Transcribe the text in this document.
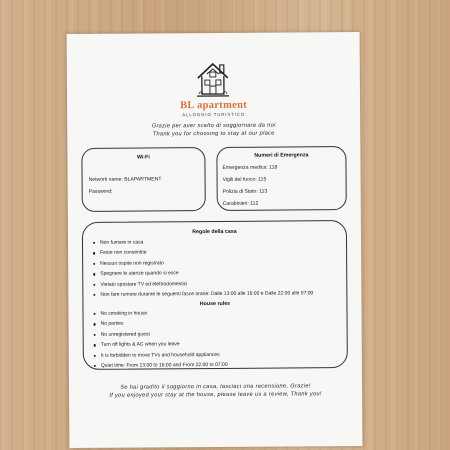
BL apartment
ALLOGGIO TURISTICO
Grazie per aver scelto di soggiornare da noi
Thank you for choosing to stay at our place
Wi-Fi
Network name: BLAPARTMENT
Password:
Numeri di Emergenza
Emergenza medica: 118
Vigili del fuoco: 115
Polizia di Stato: 113
Carabinieri: 112
Regole della casa
Non fumare in casa
Feste non consentite
Nessun ospite non registrato
Spegnere le utenze quando si esce
Vietato spostare TV ed elettrodomestici
Non fare rumore durante le seguenti fasce orarie: Dalle 13:00 alle 16:00 e Dalle 22:00 alle 07:00
House rules
No smoking in house
No parties
No unregistered guest
Turn off lights & AC when you leave
It is forbidden to move TVs and household appliances
Quiet time: From 13:00 to 16:00 and From 22:00 to 07:00
Se hai gradito il soggiorno in casa, lasciaci una recensione, Grazie!
If you enjoyed your stay at the house, please leave us a review, Thank you!
